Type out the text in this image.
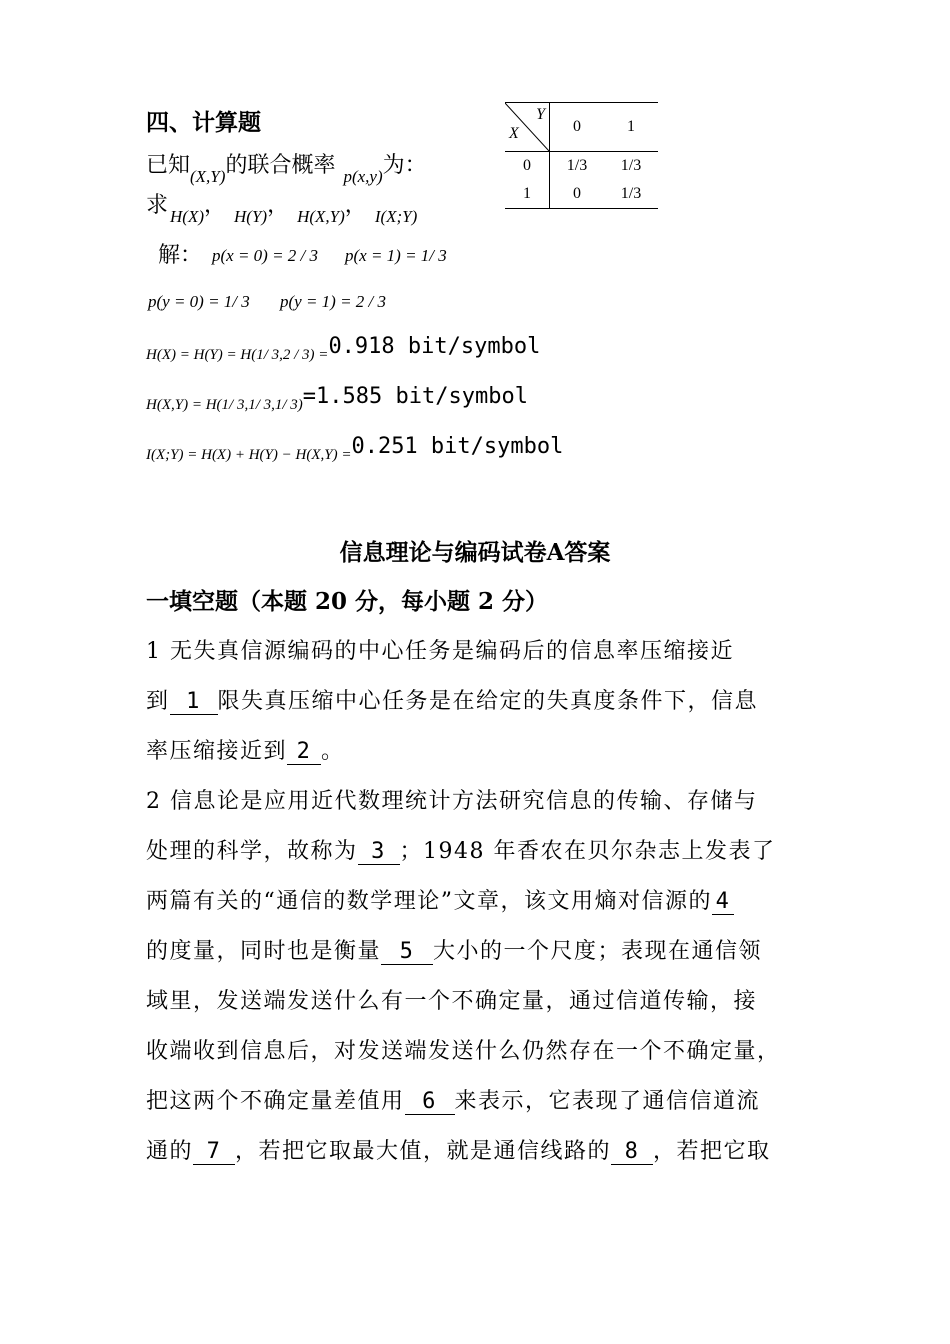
四、计算题
已知$_{(X,Y)}$的联合概率 $_{p(x,y)}$为：
求 $_{H(X)}$， $_{H(Y)}$， $_{H(X,Y)}$， $_{I(X;Y)}$
Y
X	0	1
0	1/3	1/3
1	0	1/3
解： p(x = 0) = 2 / 3 p(x = 1) = 1/ 3
p(y = 0) = 1/ 3 p(y = 1) = 2 / 3
H(X) = H(Y) = H(1/ 3,2 / 3) =0.918 bit/symbol
H(X,Y) = H(1/ 3,1/ 3,1/ 3)=1.585 bit/symbol
I(X;Y) = H(X) + H(Y) − H(X,Y) =0.251 bit/symbol
信息理论与编码试卷A答案
一填空题（本题 20 分，每小题 2 分）
1 无失真信源编码的中心任务是编码后的信息率压缩接近
到 1 限失真压缩中心任务是在给定的失真度条件下，信息
率压缩接近到 2 。
2 信息论是应用近代数理统计方法研究信息的传输、存储与
处理的科学，故称为 3 ；1948 年香农在贝尔杂志上发表了
两篇有关的“通信的数学理论”文章，该文用熵对信源的 4
的度量，同时也是衡量 5 大小的一个尺度；表现在通信领
域里，发送端发送什么有一个不确定量，通过信道传输，接
收端收到信息后，对发送端发送什么仍然存在一个不确定量，
把这两个不确定量差值用 6 来表示，它表现了通信信道流
通的 7 ，若把它取最大值，就是通信线路的 8 ，若把它取
